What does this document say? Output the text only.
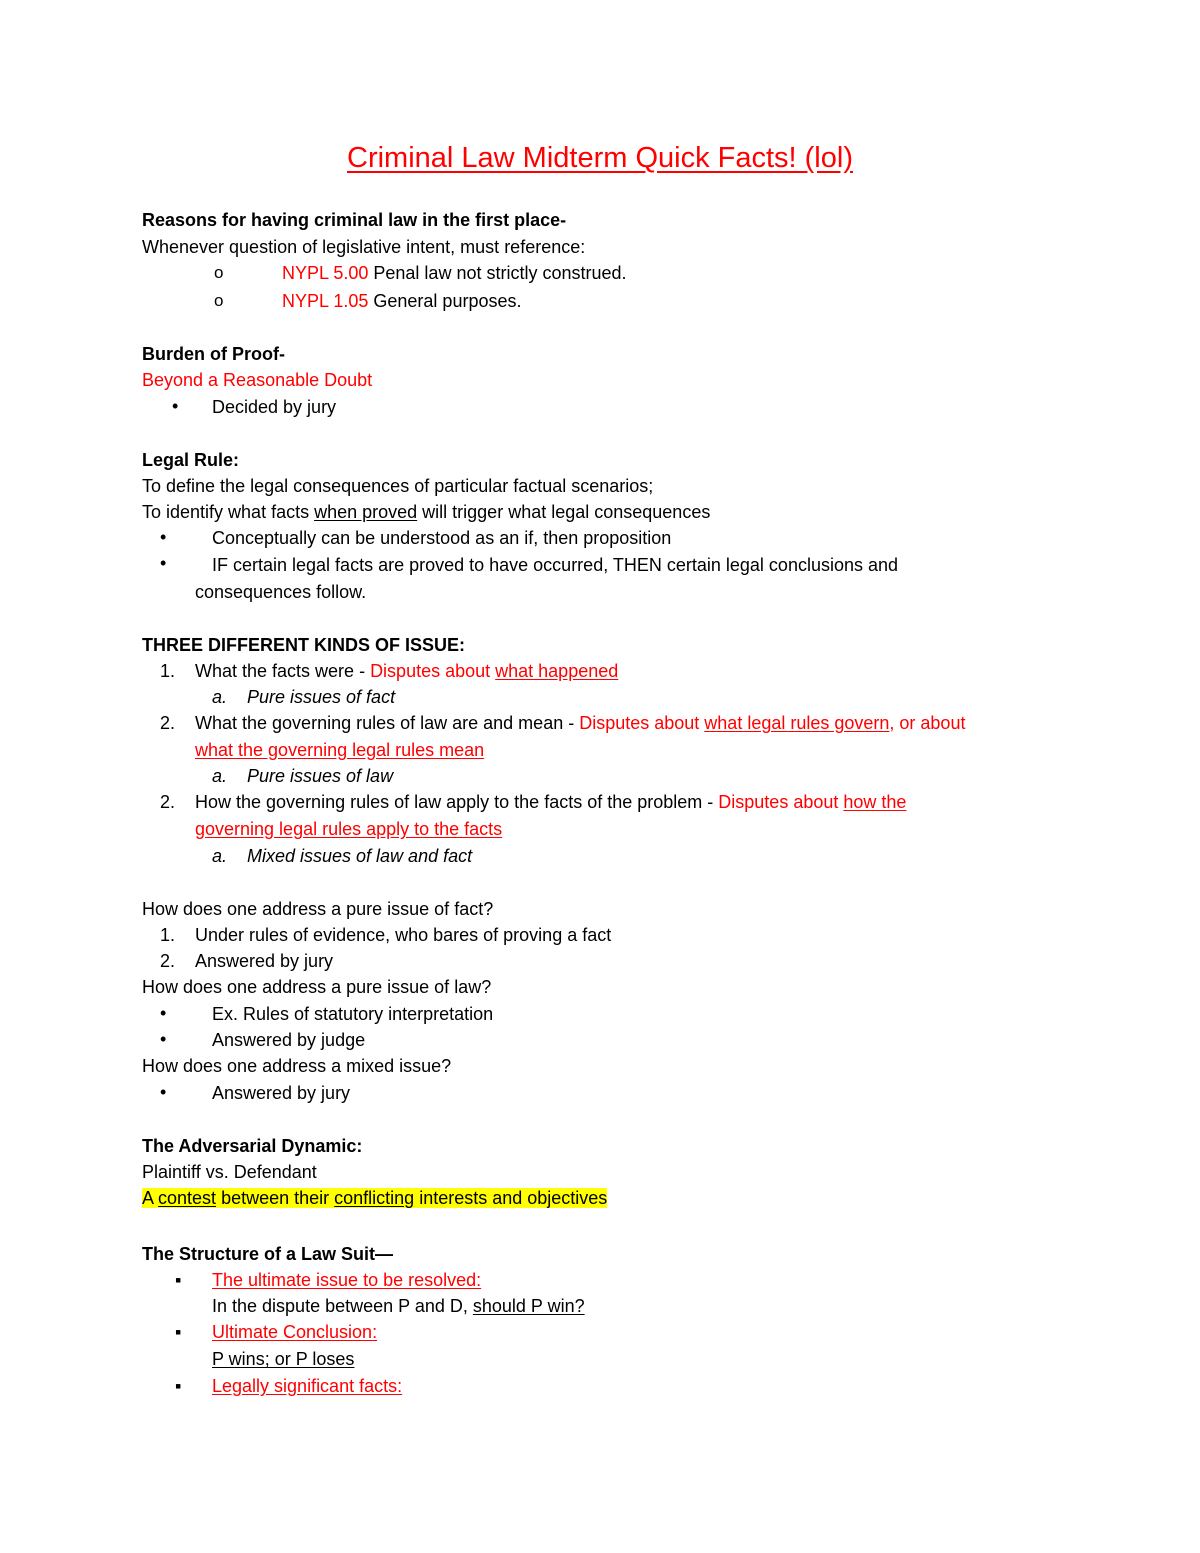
Criminal Law Midterm Quick Facts! (lol)
Reasons for having criminal law in the first place-
Whenever question of legislative intent, must reference:
o	NYPL 5.00 Penal law not strictly construed.
o	NYPL 1.05 General purposes.
Burden of Proof-
Beyond a Reasonable Doubt
• Decided by jury
Legal Rule:
To define the legal consequences of particular factual scenarios;
To identify what facts when proved will trigger what legal consequences
•	Conceptually can be understood as an if, then proposition
•	IF certain legal facts are proved to have occurred, THEN certain legal conclusions and
consequences follow.
THREE DIFFERENT KINDS OF ISSUE:
1. What the facts were - Disputes about what happened
a. Pure issues of fact
2. What the governing rules of law are and mean - Disputes about what legal rules govern, or about
what the governing legal rules mean
a. Pure issues of law
2. How the governing rules of law apply to the facts of the problem - Disputes about how the
governing legal rules apply to the facts
a. Mixed issues of law and fact
How does one address a pure issue of fact?
1. Under rules of evidence, who bares of proving a fact
2. Answered by jury
How does one address a pure issue of law?
•	Ex. Rules of statutory interpretation
•	Answered by judge
How does one address a mixed issue?
•	Answered by jury
The Adversarial Dynamic:
Plaintiff vs. Defendant
A contest between their conflicting interests and objectives
The Structure of a Law Suit—
▪ The ultimate issue to be resolved:
In the dispute between P and D, should P win?
▪ Ultimate Conclusion:
P wins; or P loses
▪ Legally significant facts:
